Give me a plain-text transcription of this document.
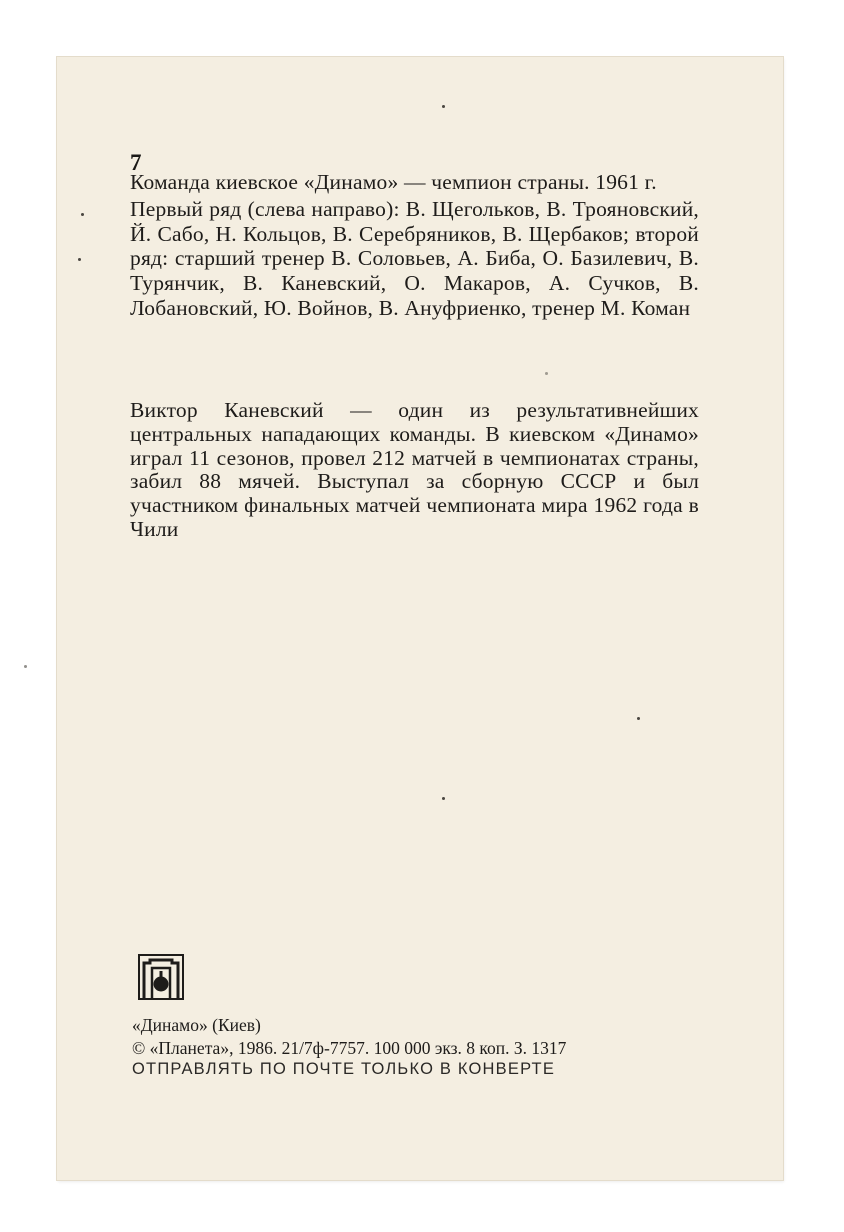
7

Команда киевское «Динамо» — чемпион страны. 1961 г.

Первый ряд (слева направо): В. Щегольков, В. Трояновский, Й. Сабо, Н. Кольцов, В. Серебряников, В. Щербаков; второй ряд: старший тренер В. Соловьев, А. Биба, О. Базилевич, В. Турянчик, В. Каневский, О. Макаров, А. Сучков, В. Лобановский, Ю. Войнов, В. Ануфриенко, тренер М. Коман

Виктор Каневский — один из результативнейших центральных нападающих команды. В киевском «Динамо» играл 11 сезонов, провел 212 матчей в чемпионатах страны, забил 88 мячей. Выступал за сборную СССР и был участником финальных матчей чемпионата мира 1962 года в Чили

«Динамо» (Киев)
© «Планета», 1986. 21/7ф-7757. 100 000 экз. 8 коп. З. 1317
ОТПРАВЛЯТЬ ПО ПОЧТЕ ТОЛЬКО В КОНВЕРТЕ
